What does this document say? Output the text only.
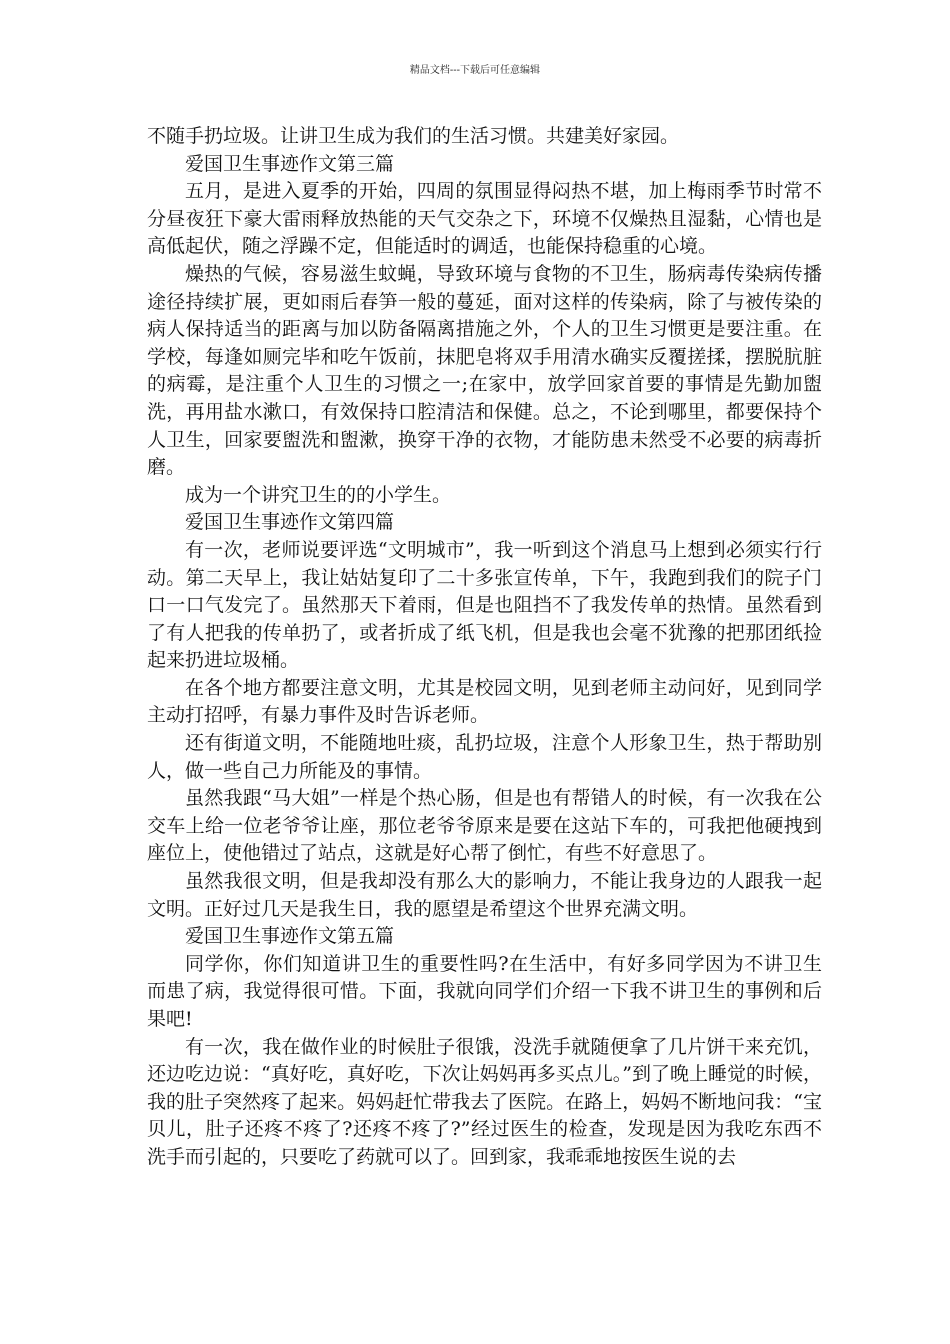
精品文档---下载后可任意编辑

不随手扔垃圾。让讲卫生成为我们的生活习惯。共建美好家园。

爱国卫生事迹作文第三篇

五月，是进入夏季的开始，四周的氛围显得闷热不堪，加上梅雨季节时常不分昼夜狂下豪大雷雨释放热能的天气交杂之下，环境不仅燥热且湿黏，心情也是高低起伏，随之浮躁不定，但能适时的调适，也能保持稳重的心境。

燥热的气候，容易滋生蚊蝇，导致环境与食物的不卫生，肠病毒传染病传播途径持续扩展，更如雨后春笋一般的蔓延，面对这样的传染病，除了与被传染的病人保持适当的距离与加以防备隔离措施之外，个人的卫生习惯更是要注重。在学校，每逢如厕完毕和吃午饭前，抹肥皂将双手用清水确实反覆搓揉，摆脱肮脏的病霉，是注重个人卫生的习惯之一;在家中，放学回家首要的事情是先勤加盥洗，再用盐水漱口，有效保持口腔清洁和保健。总之，不论到哪里，都要保持个人卫生，回家要盥洗和盥漱，换穿干净的衣物，才能防患未然受不必要的病毒折磨。

成为一个讲究卫生的的小学生。

爱国卫生事迹作文第四篇

有一次，老师说要评选“文明城市”，我一听到这个消息马上想到必须实行行动。第二天早上，我让姑姑复印了二十多张宣传单，下午，我跑到我们的院子门口一口气发完了。虽然那天下着雨，但是也阻挡不了我发传单的热情。虽然看到了有人把我的传单扔了，或者折成了纸飞机，但是我也会毫不犹豫的把那团纸捡起来扔进垃圾桶。

在各个地方都要注意文明，尤其是校园文明，见到老师主动问好，见到同学主动打招呼，有暴力事件及时告诉老师。

还有街道文明，不能随地吐痰，乱扔垃圾，注意个人形象卫生，热于帮助别人，做一些自己力所能及的事情。

虽然我跟“马大姐”一样是个热心肠，但是也有帮错人的时候，有一次我在公交车上给一位老爷爷让座，那位老爷爷原来是要在这站下车的，可我把他硬拽到座位上，使他错过了站点，这就是好心帮了倒忙，有些不好意思了。

虽然我很文明，但是我却没有那么大的影响力，不能让我身边的人跟我一起文明。正好过几天是我生日，我的愿望是希望这个世界充满文明。

爱国卫生事迹作文第五篇

同学你，你们知道讲卫生的重要性吗?在生活中，有好多同学因为不讲卫生而患了病，我觉得很可惜。下面，我就向同学们介绍一下我不讲卫生的事例和后果吧!

有一次，我在做作业的时候肚子很饿，没洗手就随便拿了几片饼干来充饥，还边吃边说：“真好吃，真好吃，下次让妈妈再多买点儿。”到了晚上睡觉的时候，我的肚子突然疼了起来。妈妈赶忙带我去了医院。在路上，妈妈不断地问我：“宝贝儿，肚子还疼不疼了?还疼不疼了?”经过医生的检查，发现是因为我吃东西不洗手而引起的，只要吃了药就可以了。回到家，我乖乖地按医生说的去
